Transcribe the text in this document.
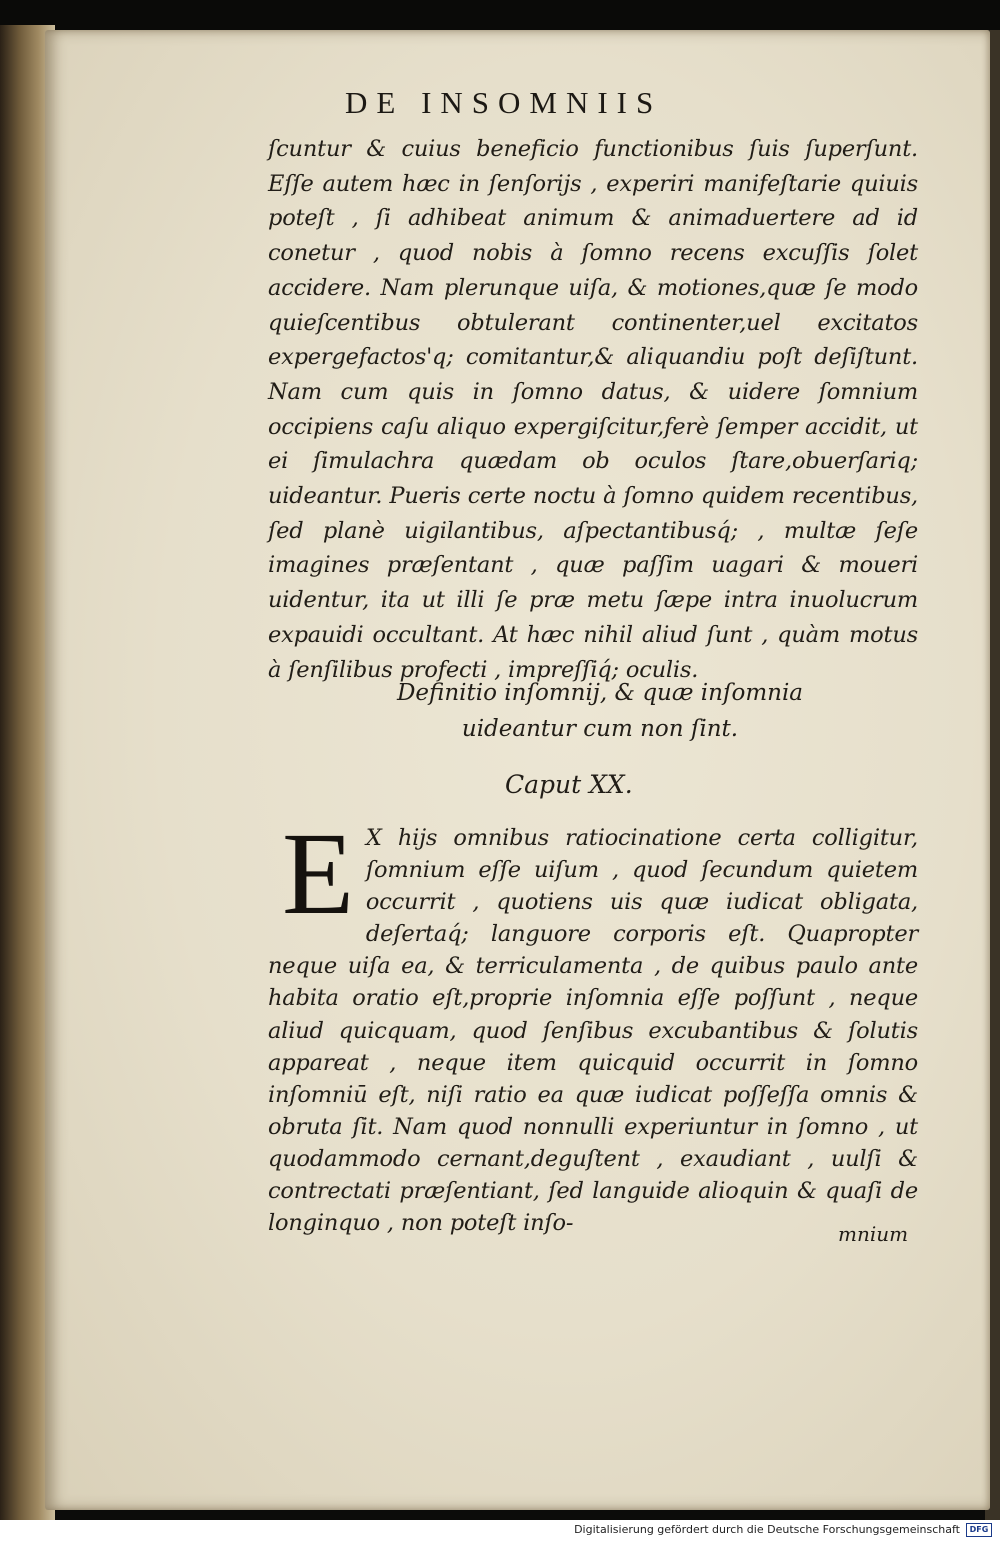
DE INSOMNIIS

ſcuntur & cuius beneficio functionibus ſuis ſuperſunt. Eſſe autem hæc in ſenſorijs , experiri manifeſtarie quiuis poteſt , ſi adhibeat animum & animaduertere ad id conetur , quod nobis à ſomno recens excuſſis ſolet accidere. Nam plerunque uiſa, & motiones,quæ ſe modo quieſcentibus obtulerant continenter,uel excitatos expergefactos'q; comitantur,& aliquandiu poſt deſiſtunt. Nam cum quis in ſomno datus, & uidere ſomnium occipiens caſu aliquo expergiſcitur,ferè ſemper accidit, ut ei ſimulachra quædam ob oculos ſtare,obuerſariq; uideantur. Pueris certe noctu à ſomno quidem recentibus, ſed planè uigilantibus, aſpectantibusq́; , multæ ſeſe imagines præſentant , quæ paſſim uagari & moueri uidentur, ita ut illi ſe præ metu ſæpe intra inuolucrum expauidi occultant. At hæc nihil aliud ſunt , quàm motus à ſenſilibus profecti , impreſſiq́; oculis.

Definitio inſomnij, & quæ inſomnia
uideantur cum non ſint.
Caput XX.

E X hijs omnibus ratiocinatione certa colligitur, ſomnium eſſe uiſum , quod ſecundum quietem occurrit , quotiens uis quæ iudicat obligata, deſertaq́; languore corporis eſt. Quapropter neque uiſa ea, & terriculamenta , de quibus paulo ante habita oratio eſt,proprie inſomnia eſſe poſſunt , neque aliud quicquam, quod ſenſibus excubantibus & ſolutis appareat , neque item quicquid occurrit in ſomno inſomniū eſt, niſi ratio ea quæ iudicat poſſeſſa omnis & obruta ſit. Nam quod nonnulli experiuntur in ſomno , ut quodammodo cernant,deguſtent , exaudiant , uulſi & contrectati præſentiant, ſed languide alioquin & quaſi de longinquo , non poteſt inſo-	mnium
Digitalisierung gefördert durch die Deutsche Forschungsgemeinschaft	DFG
